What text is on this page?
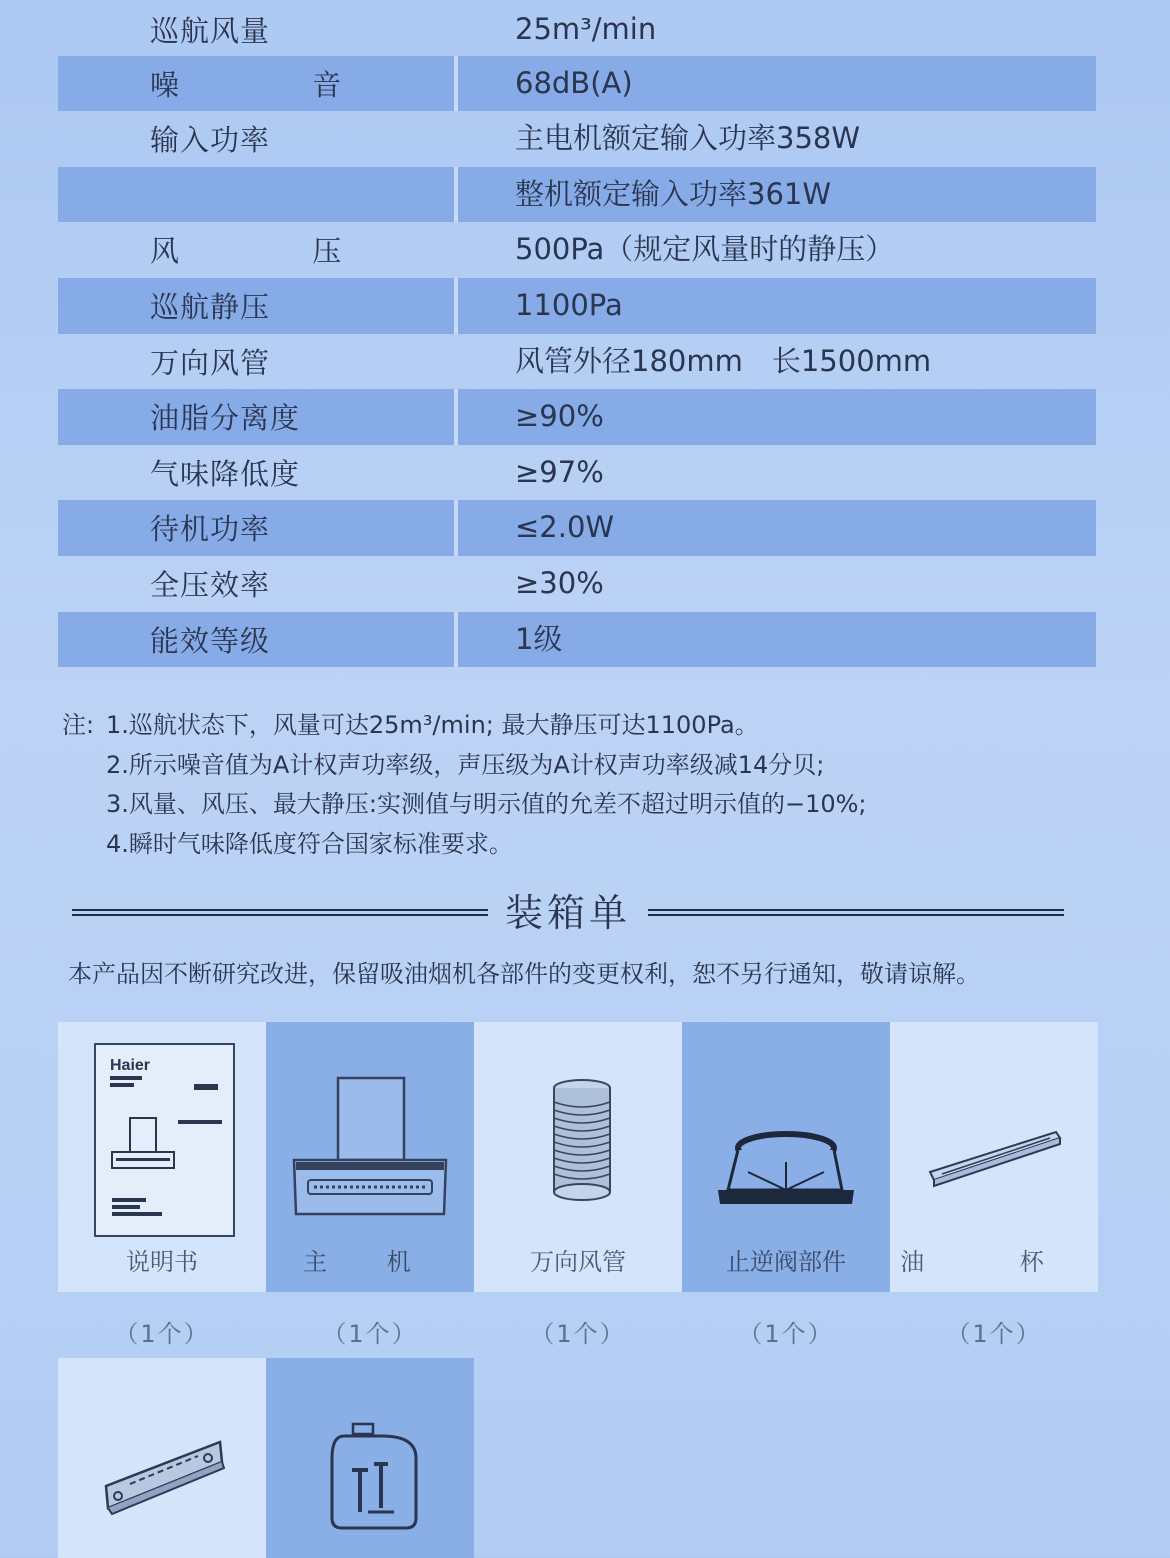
巡航风量	25m³/min
噪 音	68dB(A)
输入功率	主电机额定输入功率358W
整机额定输入功率361W
风 压	500Pa（规定风量时的静压）
巡航静压	1100Pa
万向风管	风管外径180mm　长1500mm
油脂分离度	≥90%
气味降低度	≥97%
待机功率	≤2.0W
全压效率	≥30%
能效等级	1级
注: 1.巡航状态下，风量可达25m³/min; 最大静压可达1100Pa。
2.所示噪音值为A计权声功率级，声压级为A计权声功率级减14分贝;
3.风量、风压、最大静压:实测值与明示值的允差不超过明示值的−10%;
4.瞬时气味降低度符合国家标准要求。
装箱单
本产品因不断研究改进，保留吸油烟机各部件的变更权利，恕不另行通知，敬请谅解。
Haier
说明书	主 机	万向风管	止逆阀部件	油 杯
（1个）	（1个）	（1个）	（1个）	（1个）
